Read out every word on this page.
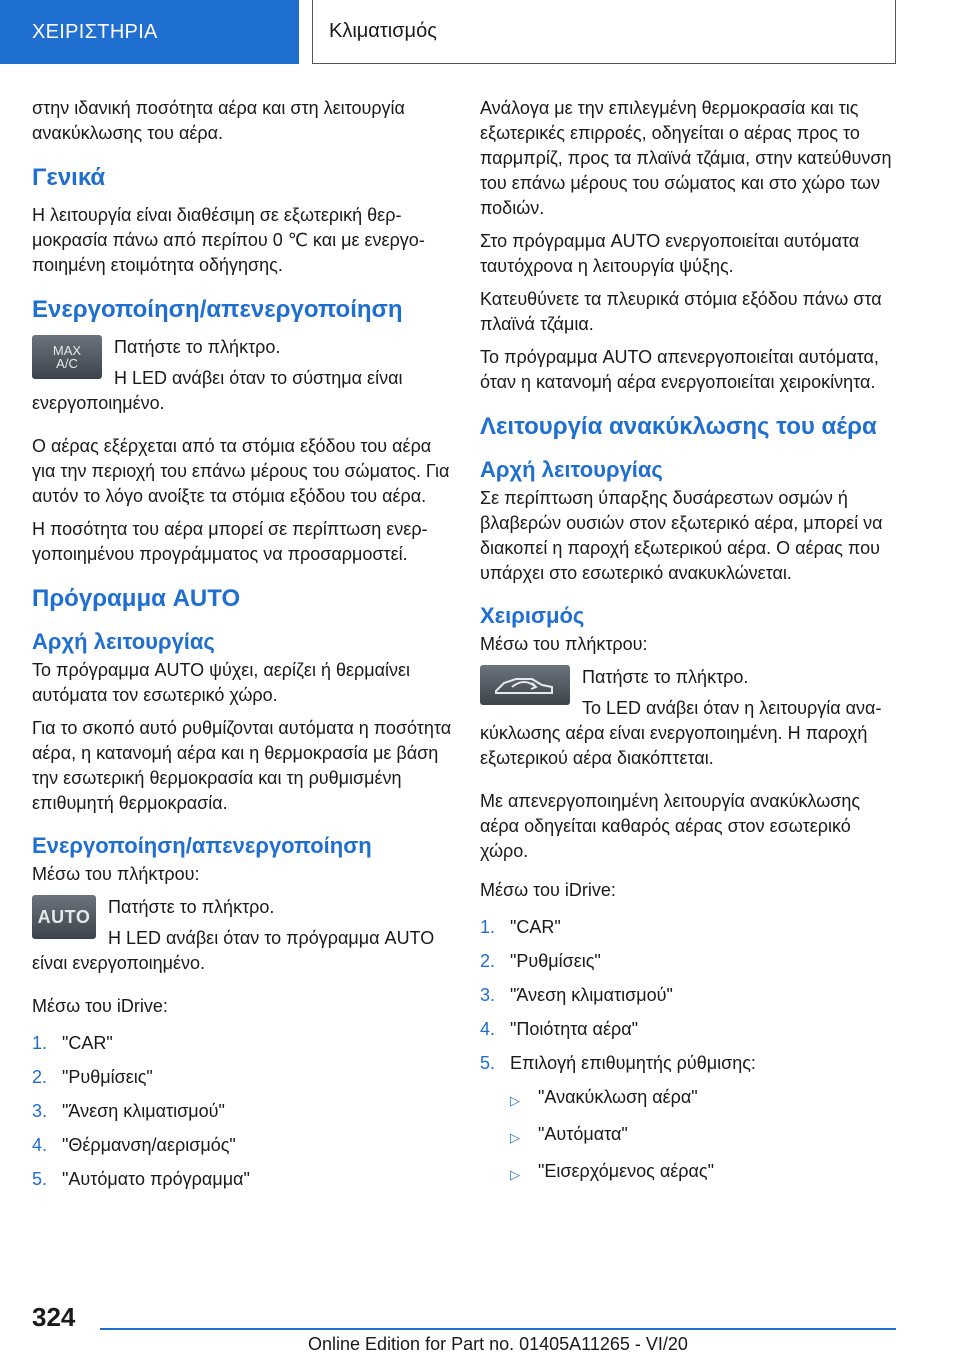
ΧΕΙΡΙΣΤΗΡΙΑ	Κλιματισμός

στην ιδανική ποσότητα αέρα και στη λειτουργία ανακύκλωσης του αέρα.

Γενικά

Η λειτουργία είναι διαθέσιμη σε εξωτερική θερμοκρασία πάνω από περίπου 0 ℃ και με ενεργοποιημένη ετοιμότητα οδήγησης.

Ενεργοποίηση/απενεργοποίηση
MAX
A/C

Πατήστε το πλήκτρο.

Η LED ανάβει όταν το σύστημα είναι ενεργοποιημένο.

Ο αέρας εξέρχεται από τα στόμια εξόδου του αέρα για την περιοχή του επάνω μέρους του σώματος. Για αυτόν το λόγο ανοίξτε τα στόμια εξόδου του αέρα.

Η ποσότητα του αέρα μπορεί σε περίπτωση ενεργοποιημένου προγράμματος να προσαρμοστεί.

Πρόγραμμα AUTO
Αρχή λειτουργίας

Το πρόγραμμα AUTO ψύχει, αερίζει ή θερμαίνει αυτόματα τον εσωτερικό χώρο.

Για το σκοπό αυτό ρυθμίζονται αυτόματα η ποσότητα αέρα, η κατανομή αέρα και η θερμοκρασία με βάση την εσωτερική θερμοκρασία και τη ρυθμισμένη επιθυμητή θερμοκρασία.

Ενεργοποίηση/απενεργοποίηση

Μέσω του πλήκτρου:

AUTO Πατήστε το πλήκτρο.

Η LED ανάβει όταν το πρόγραμμα AUTO είναι ενεργοποιημένο.

Μέσω του iDrive:

1. "CAR"
2. "Ρυθμίσεις"
3. "Άνεση κλιματισμού"
4. "Θέρμανση/αερισμός"
5. "Αυτόματο πρόγραμμα"

Ανάλογα με την επιλεγμένη θερμοκρασία και τις εξωτερικές επιρροές, οδηγείται ο αέρας προς το παρμπρίζ, προς τα πλαϊνά τζάμια, στην κατεύθυνση του επάνω μέρους του σώματος και στο χώρο των ποδιών.

Στο πρόγραμμα AUTO ενεργοποιείται αυτόματα ταυτόχρονα η λειτουργία ψύξης.

Κατευθύνετε τα πλευρικά στόμια εξόδου πάνω στα πλαϊνά τζάμια.

Το πρόγραμμα AUTO απενεργοποιείται αυτόματα, όταν η κατανομή αέρα ενεργοποιείται χειροκίνητα.

Λειτουργία ανακύκλωσης του αέρα
Αρχή λειτουργίας

Σε περίπτωση ύπαρξης δυσάρεστων οσμών ή βλαβερών ουσιών στον εξωτερικό αέρα, μπορεί να διακοπεί η παροχή εξωτερικού αέρα. Ο αέρας που υπάρχει στο εσωτερικό ανακυκλώνεται.

Χειρισμός

Μέσω του πλήκτρου:

Πατήστε το πλήκτρο.

Το LED ανάβει όταν η λειτουργία ανακύκλωσης αέρα είναι ενεργοποιημένη. Η παροχή εξωτερικού αέρα διακόπτεται.

Με απενεργοποιημένη λειτουργία ανακύκλωσης αέρα οδηγείται καθαρός αέρας στον εσωτερικό χώρο.

Μέσω του iDrive:

1. "CAR"
2. "Ρυθμίσεις"
3. "Άνεση κλιματισμού"
4. "Ποιότητα αέρα"
5. Επιλογή επιθυμητής ρύθμισης:
▷	"Ανακύκλωση αέρα"
▷	"Αυτόματα"
▷	"Εισερχόμενος αέρας"
324
Online Edition for Part no. 01405A11265 - VI/20
